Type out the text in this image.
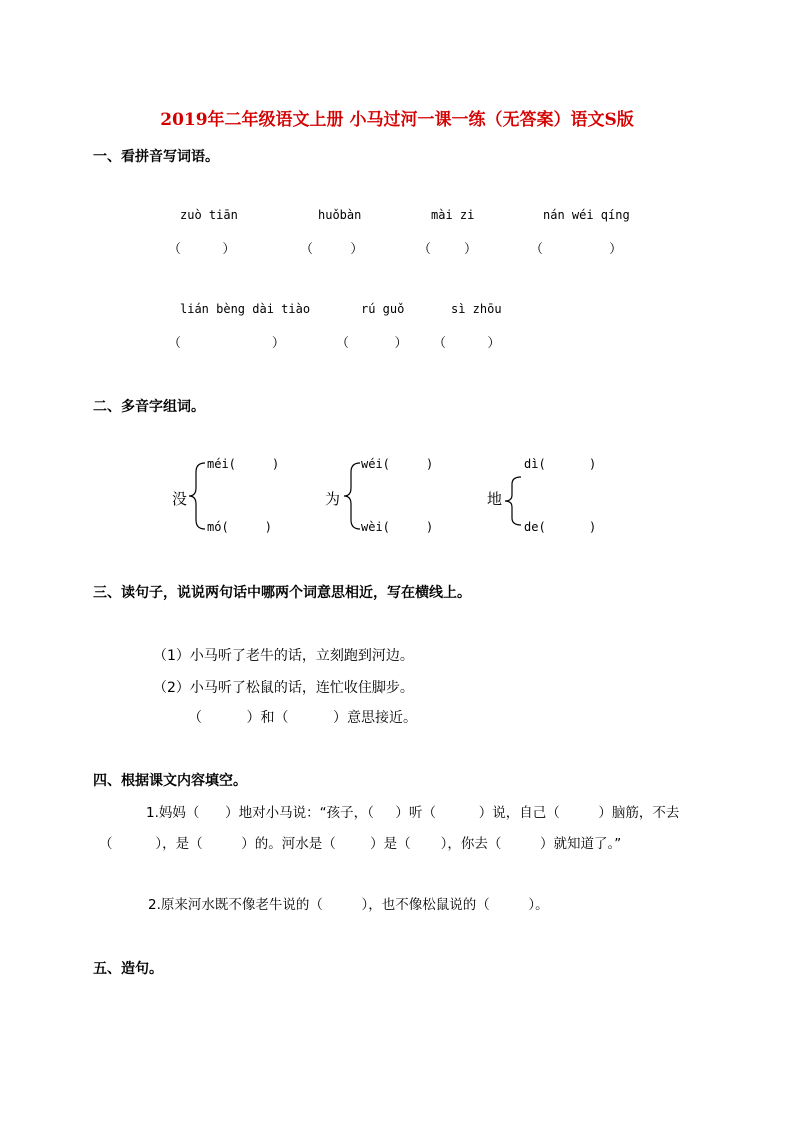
2019年二年级语文上册 小马过河一课一练（无答案）语文S版
一、看拼音写词语。
zuò tiān	huǒbàn	mài zi	nán wéi qíng
（          ）	（         ）	（        ）	（                ）
lián bèng dài tiào	rú guǒ	sì zhōu
（                      ）	（           ） （          ）
二、多音字组词。
méi(     )
没
mó(     )
wéi(     )
为
wèi(     )
dì(      )
地
de(      )
三、读句子，说说两句话中哪两个词意思相近，写在横线上。
（1）小马听了老牛的话，立刻跑到河边。
（2）小马听了松鼠的话，连忙收住脚步。
（          ）和（          ）意思接近。
四、根据课文内容填空。
1.妈妈（      ）地对小马说：“孩子，（     ）听（          ）说，自己（         ）脑筋，不去
（          ），是（         ）的。河水是（        ）是（       ），你去（         ）就知道了。”
2.原来河水既不像老牛说的（         ），也不像松鼠说的（         ）。
五、造句。
